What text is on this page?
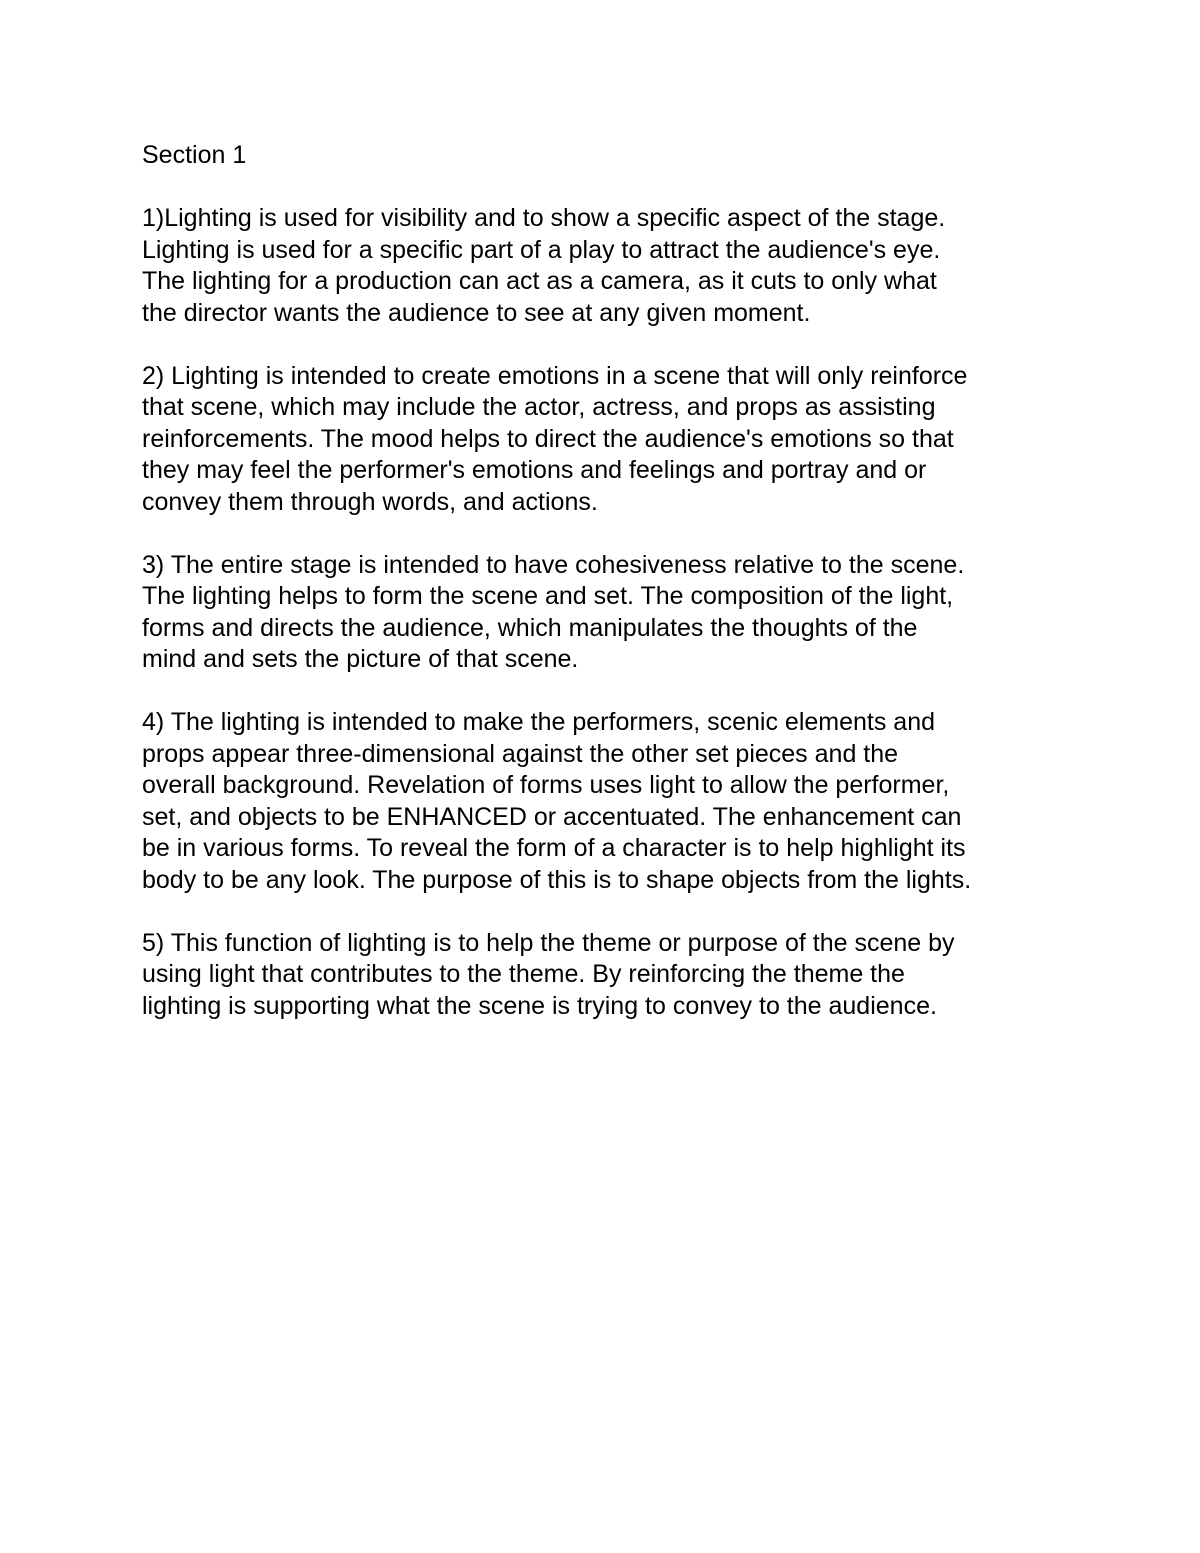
Section 1
1)Lighting is used for visibility and to show a specific aspect of the stage.
Lighting is used for a specific part of a play to attract the audience's eye.
The lighting for a production can act as a camera, as it cuts to only what
the director wants the audience to see at any given moment.
2) Lighting is intended to create emotions in a scene that will only reinforce
that scene, which may include the actor, actress, and props as assisting
reinforcements. The mood helps to direct the audience's emotions so that
they may feel the performer's emotions and feelings and portray and or
convey them through words, and actions.
3) The entire stage is intended to have cohesiveness relative to the scene.
The lighting helps to form the scene and set. The composition of the light,
forms and directs the audience, which manipulates the thoughts of the
mind and sets the picture of that scene.
4) The lighting is intended to make the performers, scenic elements and
props appear three-dimensional against the other set pieces and the
overall background. Revelation of forms uses light to allow the performer,
set, and objects to be ENHANCED or accentuated. The enhancement can
be in various forms. To reveal the form of a character is to help highlight its
body to be any look. The purpose of this is to shape objects from the lights.
5) This function of lighting is to help the theme or purpose of the scene by
using light that contributes to the theme. By reinforcing the theme the
lighting is supporting what the scene is trying to convey to the audience.
